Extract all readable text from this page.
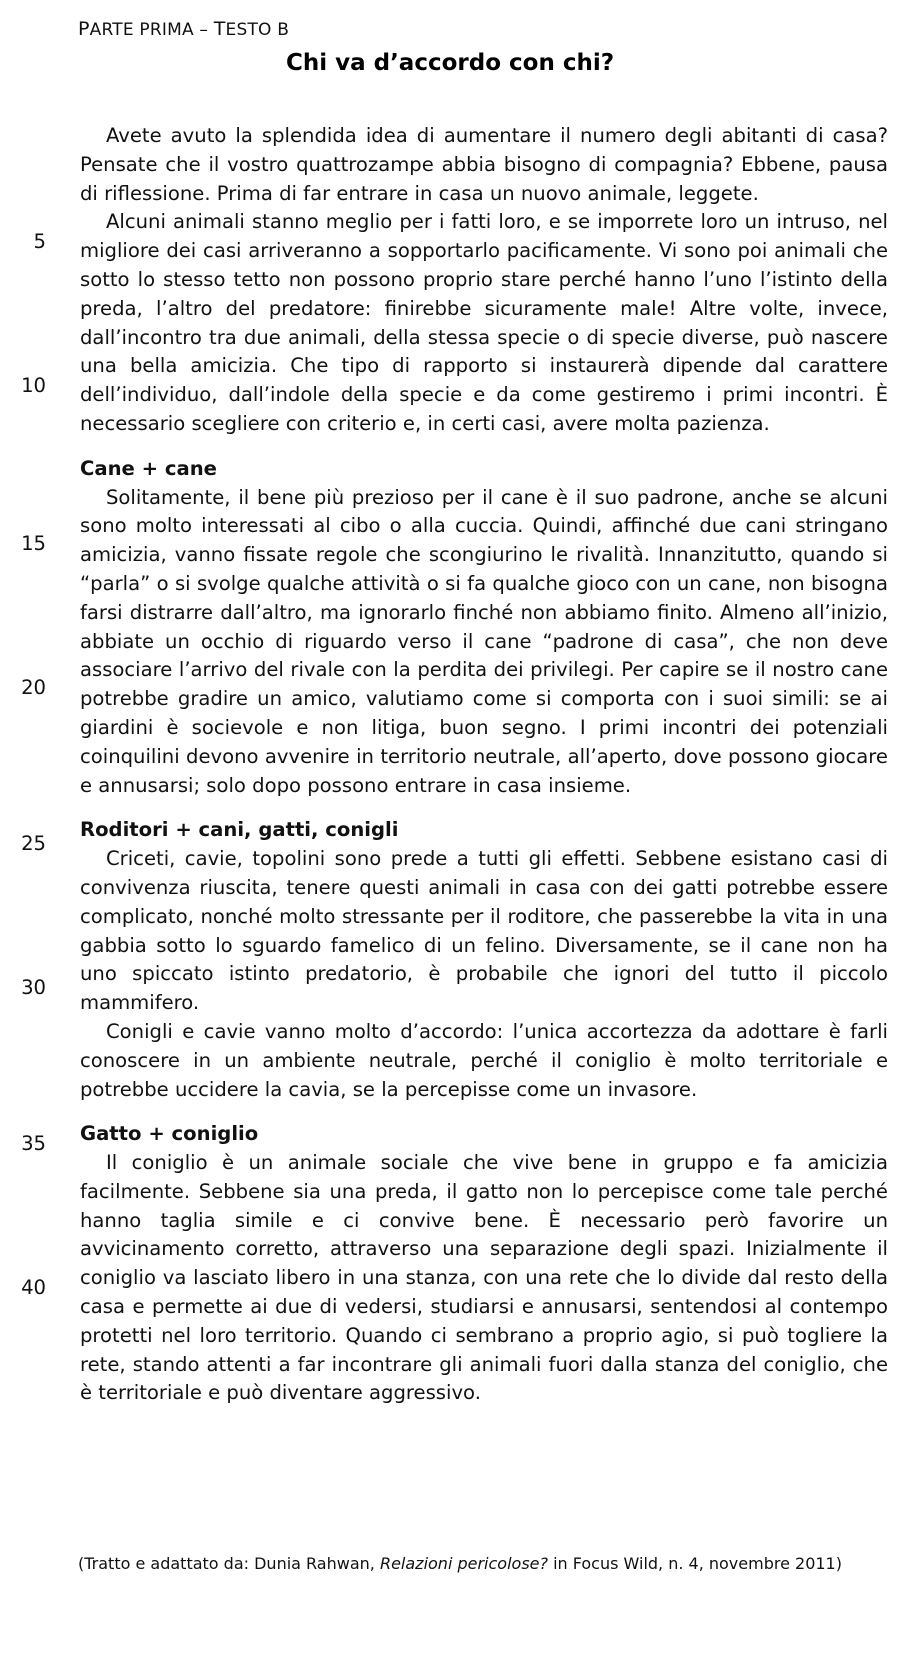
PARTE PRIMA – TESTO B
Chi va d’accordo con chi?
5
10
15
20
25
30
35
40

Avete avuto la splendida idea di aumentare il numero degli abitanti di casa? Pensate che il vostro quattrozampe abbia bisogno di compagnia? Ebbene, pausa di riflessione. Prima di far entrare in casa un nuovo animale, leggete.

Alcuni animali stanno meglio per i fatti loro, e se imporrete loro un intruso, nel migliore dei casi arriveranno a sopportarlo pacificamente. Vi sono poi animali che sotto lo stesso tetto non possono proprio stare perché hanno l’uno l’istinto della preda, l’altro del predatore: finirebbe sicuramente male! Altre volte, invece, dall’incontro tra due animali, della stessa specie o di specie diverse, può nascere una bella amicizia. Che tipo di rapporto si instaurerà dipende dal carattere dell’individuo, dall’indole della specie e da come gestiremo i primi incontri. È necessario scegliere con criterio e, in certi casi, avere molta pazienza.

Cane + cane

Solitamente, il bene più prezioso per il cane è il suo padrone, anche se alcuni sono molto interessati al cibo o alla cuccia. Quindi, affinché due cani stringano amicizia, vanno fissate regole che scongiurino le rivalità. Innanzitutto, quando si “parla” o si svolge qualche attività o si fa qualche gioco con un cane, non bisogna farsi distrarre dall’altro, ma ignorarlo finché non abbiamo finito. Almeno all’inizio, abbiate un occhio di riguardo verso il cane “padrone di casa”, che non deve associare l’arrivo del rivale con la perdita dei privilegi. Per capire se il nostro cane potrebbe gradire un amico, valutiamo come si comporta con i suoi simili: se ai giardini è socievole e non litiga, buon segno. I primi incontri dei potenziali coinquilini devono avvenire in territorio neutrale, all’aperto, dove possono giocare e annusarsi; solo dopo possono entrare in casa insieme.

Roditori + cani, gatti, conigli

Criceti, cavie, topolini sono prede a tutti gli effetti. Sebbene esistano casi di convivenza riuscita, tenere questi animali in casa con dei gatti potrebbe essere complicato, nonché molto stressante per il roditore, che passerebbe la vita in una gabbia sotto lo sguardo famelico di un felino. Diversamente, se il cane non ha uno spiccato istinto predatorio, è probabile che ignori del tutto il piccolo mammifero.

Conigli e cavie vanno molto d’accordo: l’unica accortezza da adottare è farli conoscere in un ambiente neutrale, perché il coniglio è molto territoriale e potrebbe uccidere la cavia, se la percepisse come un invasore.

Gatto + coniglio

Il coniglio è un animale sociale che vive bene in gruppo e fa amicizia facilmente. Sebbene sia una preda, il gatto non lo percepisce come tale perché hanno taglia simile e ci convive bene. È necessario però favorire un avvicinamento corretto, attraverso una separazione degli spazi. Inizialmente il coniglio va lasciato libero in una stanza, con una rete che lo divide dal resto della casa e permette ai due di vedersi, studiarsi e annusarsi, sentendosi al contempo protetti nel loro territorio. Quando ci sembrano a proprio agio, si può togliere la rete, stando attenti a far incontrare gli animali fuori dalla stanza del coniglio, che è territoriale e può diventare aggressivo.

(Tratto e adattato da: Dunia Rahwan, Relazioni pericolose? in Focus Wild, n. 4, novembre 2011)
